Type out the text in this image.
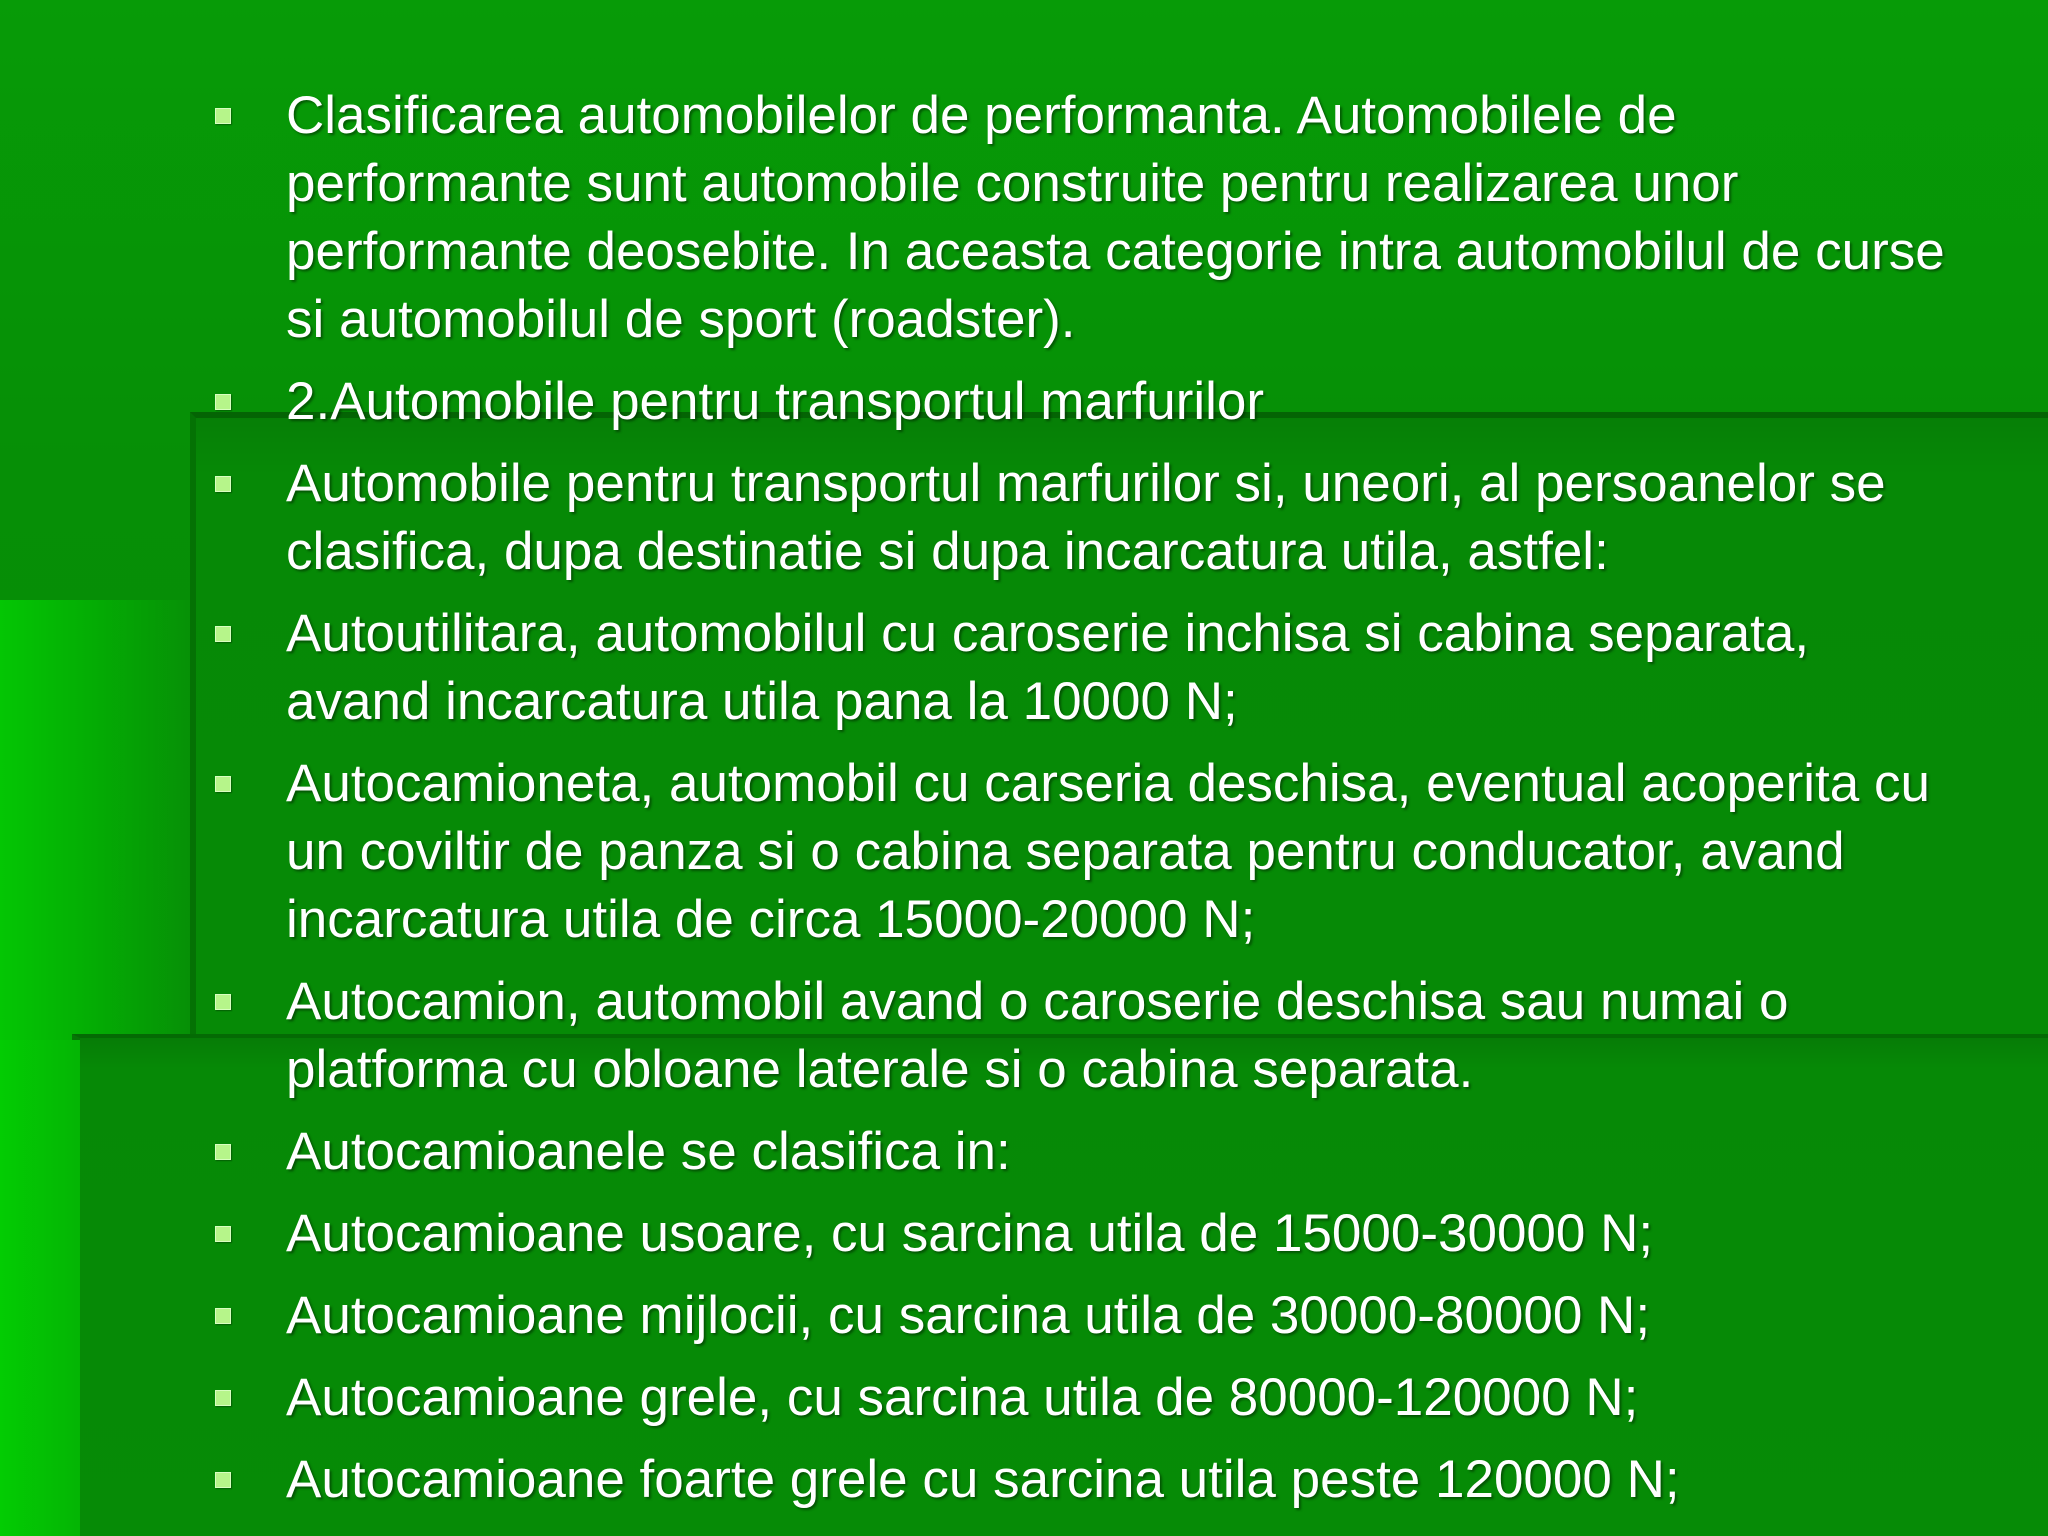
Clasificarea automobilelor de performanta. Automobilele de performante sunt automobile construite pentru realizarea unor performante deosebite. In aceasta categorie intra automobilul de curse si automobilul de sport (roadster).
2.Automobile pentru transportul marfurilor
Automobile pentru transportul marfurilor si, uneori, al persoanelor se clasifica, dupa destinatie si dupa incarcatura utila, astfel:
Autoutilitara, automobilul cu caroserie inchisa si cabina separata, avand incarcatura utila pana la 10000 N;
Autocamioneta, automobil cu carseria deschisa, eventual acoperita cu un coviltir de panza si o cabina separata pentru conducator, avand incarcatura utila de circa 15000-20000 N;
Autocamion, automobil avand o caroserie deschisa sau numai o platforma cu obloane laterale si o cabina separata.
Autocamioanele se clasifica in:
Autocamioane usoare, cu sarcina utila de 15000-30000 N;
Autocamioane mijlocii, cu sarcina utila de 30000-80000 N;
Autocamioane grele, cu sarcina utila de 80000-120000 N;
Autocamioane foarte grele cu sarcina utila peste 120000 N;
